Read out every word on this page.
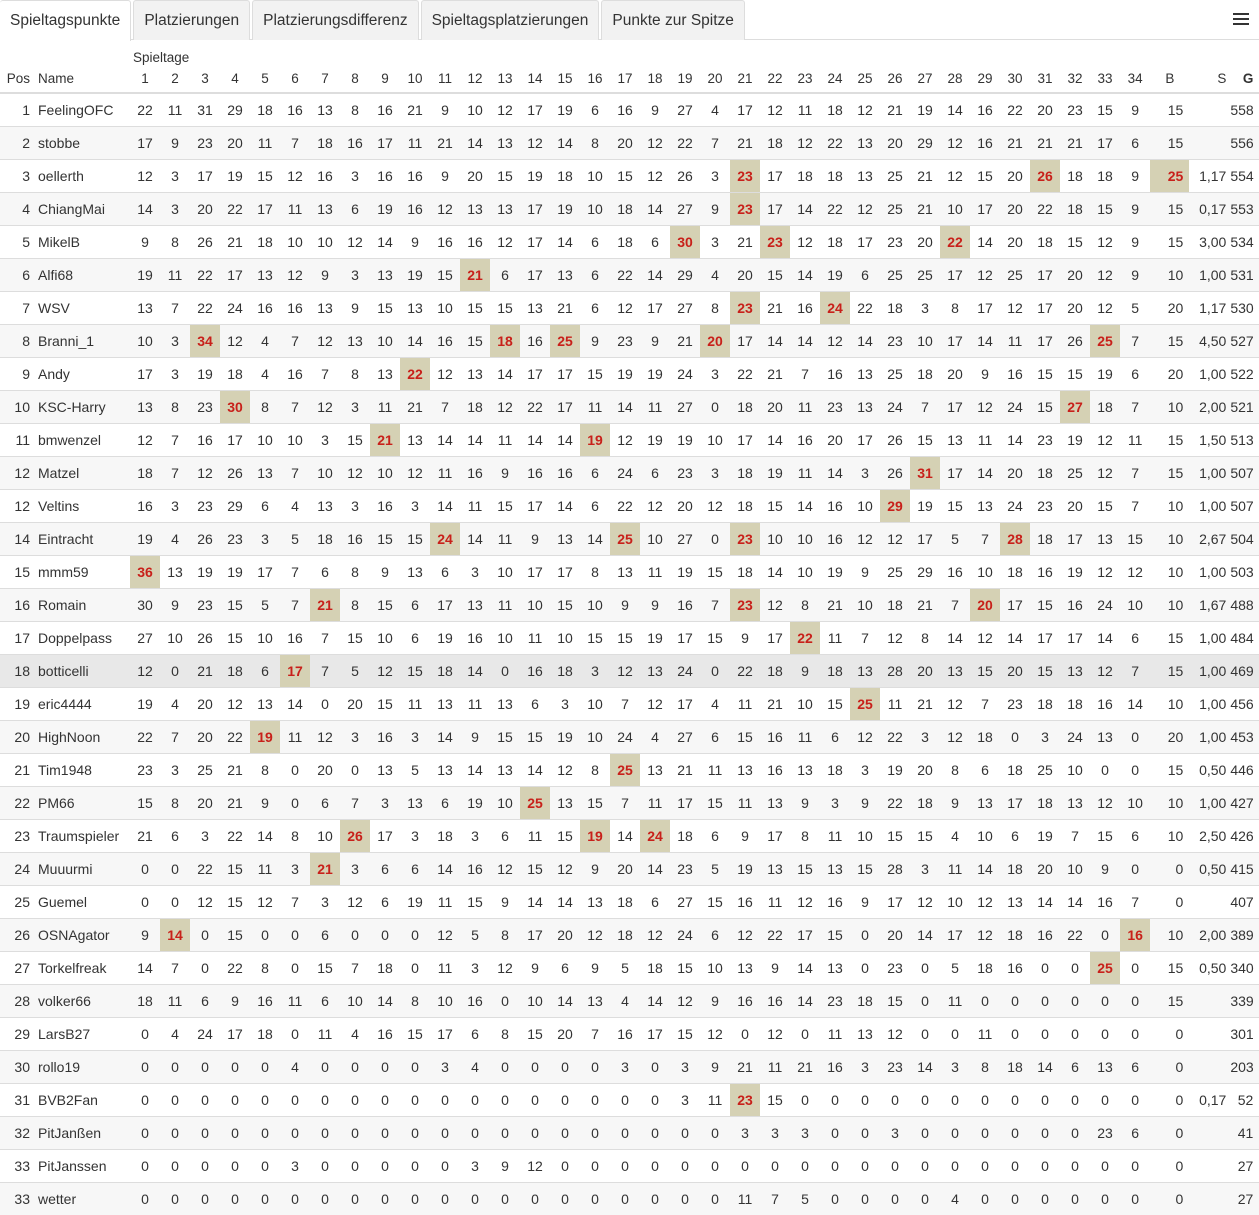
Spieltagspunkte	Platzierungen	Platzierungsdifferenz	Spieltagsplatzierungen	Punkte zur Spitze
		Spieltage																																				
Pos	Name	1	2	3	4	5	6	7	8	9	10	11	12	13	14	15	16	17	18	19	20	21	22	23	24	25	26	27	28	29	30	31	32	33	34	B	S	G
1	FeelingOFC	22	11	31	29	18	16	13	8	16	21	9	10	12	17	19	6	16	9	27	4	17	12	11	18	12	21	19	14	16	22	20	23	15	9	15		558
2	stobbe	17	9	23	20	11	7	18	16	17	11	21	14	13	12	14	8	20	12	22	7	21	18	12	22	13	20	29	12	16	21	21	21	17	6	15		556
3	oellerth	12	3	17	19	15	12	16	3	16	16	9	20	15	19	18	10	15	12	26	3	23	17	18	18	13	25	21	12	15	20	26	18	18	9	25	1,17	554
4	ChiangMai	14	3	20	22	17	11	13	6	19	16	12	13	13	17	19	10	18	14	27	9	23	17	14	22	12	25	21	10	17	20	22	18	15	9	15	0,17	553
5	MikelB	9	8	26	21	18	10	10	12	14	9	16	16	12	17	14	6	18	6	30	3	21	23	12	18	17	23	20	22	14	20	18	15	12	9	15	3,00	534
6	Alfi68	19	11	22	17	13	12	9	3	13	19	15	21	6	17	13	6	22	14	29	4	20	15	14	19	6	25	25	17	12	25	17	20	12	9	10	1,00	531
7	WSV	13	7	22	24	16	16	13	9	15	13	10	15	15	13	21	6	12	17	27	8	23	21	16	24	22	18	3	8	17	12	17	20	12	5	20	1,17	530
8	Branni_1	10	3	34	12	4	7	12	13	10	14	16	15	18	16	25	9	23	9	21	20	17	14	14	12	14	23	10	17	14	11	17	26	25	7	15	4,50	527
9	Andy	17	3	19	18	4	16	7	8	13	22	12	13	14	17	17	15	19	19	24	3	22	21	7	16	13	25	18	20	9	16	15	15	19	6	20	1,00	522
10	KSC-Harry	13	8	23	30	8	7	12	3	11	21	7	18	12	22	17	11	14	11	27	0	18	20	11	23	13	24	7	17	12	24	15	27	18	7	10	2,00	521
11	bmwenzel	12	7	16	17	10	10	3	15	21	13	14	14	11	14	14	19	12	19	19	10	17	14	16	20	17	26	15	13	11	14	23	19	12	11	15	1,50	513
12	Matzel	18	7	12	26	13	7	10	12	10	12	11	16	9	16	16	6	24	6	23	3	18	19	11	14	3	26	31	17	14	20	18	25	12	7	15	1,00	507
12	Veltins	16	3	23	29	6	4	13	3	16	3	14	11	15	17	14	6	22	12	20	12	18	15	14	16	10	29	19	15	13	24	23	20	15	7	10	1,00	507
14	Eintracht	19	4	26	23	3	5	18	16	15	15	24	14	11	9	13	14	25	10	27	0	23	10	10	16	12	12	17	5	7	28	18	17	13	15	10	2,67	504
15	mmm59	36	13	19	19	17	7	6	8	9	13	6	3	10	17	17	8	13	11	19	15	18	14	10	19	9	25	29	16	10	18	16	19	12	12	10	1,00	503
16	Romain	30	9	23	15	5	7	21	8	15	6	17	13	11	10	15	10	9	9	16	7	23	12	8	21	10	18	21	7	20	17	15	16	24	10	10	1,67	488
17	Doppelpass	27	10	26	15	10	16	7	15	10	6	19	16	10	11	10	15	15	19	17	15	9	17	22	11	7	12	8	14	12	14	17	17	14	6	15	1,00	484
18	botticelli	12	0	21	18	6	17	7	5	12	15	18	14	0	16	18	3	12	13	24	0	22	18	9	18	13	28	20	13	15	20	15	13	12	7	15	1,00	469
19	eric4444	19	4	20	12	13	14	0	20	15	11	13	11	13	6	3	10	7	12	17	4	11	21	10	15	25	11	21	12	7	23	18	18	16	14	10	1,00	456
20	HighNoon	22	7	20	22	19	11	12	3	16	3	14	9	15	15	19	10	24	4	27	6	15	16	11	6	12	22	3	12	18	0	3	24	13	0	20	1,00	453
21	Tim1948	23	3	25	21	8	0	20	0	13	5	13	14	13	14	12	8	25	13	21	11	13	16	13	18	3	19	20	8	6	18	25	10	0	0	15	0,50	446
22	PM66	15	8	20	21	9	0	6	7	3	13	6	19	10	25	13	15	7	11	17	15	11	13	9	3	9	22	18	9	13	17	18	13	12	10	10	1,00	427
23	Traumspieler	21	6	3	22	14	8	10	26	17	3	18	3	6	11	15	19	14	24	18	6	9	17	8	11	10	15	15	4	10	6	19	7	15	6	10	2,50	426
24	Muuurmi	0	0	22	15	11	3	21	3	6	6	14	16	12	15	12	9	20	14	23	5	19	13	15	13	15	28	3	11	14	18	20	10	9	0	0	0,50	415
25	Guemel	0	0	12	15	12	7	3	12	6	19	11	15	9	14	14	13	18	6	27	15	16	11	12	16	9	17	12	10	12	13	14	14	16	7	0		407
26	OSNAgator	9	14	0	15	0	0	6	0	0	0	12	5	8	17	20	12	18	12	24	6	12	22	17	15	0	20	14	17	12	18	16	22	0	16	10	2,00	389
27	Torkelfreak	14	7	0	22	8	0	15	7	18	0	11	3	12	9	6	9	5	18	15	10	13	9	14	13	0	23	0	5	18	16	0	0	25	0	15	0,50	340
28	volker66	18	11	6	9	16	11	6	10	14	8	10	16	0	10	14	13	4	14	12	9	16	16	14	23	18	15	0	11	0	0	0	0	0	0	15		339
29	LarsB27	0	4	24	17	18	0	11	4	16	15	17	6	8	15	20	7	16	17	15	12	0	12	0	11	13	12	0	0	11	0	0	0	0	0	0		301
30	rollo19	0	0	0	0	0	4	0	0	0	0	3	4	0	0	0	0	3	0	3	9	21	11	21	16	3	23	14	3	8	18	14	6	13	6	0		203
31	BVB2Fan	0	0	0	0	0	0	0	0	0	0	0	0	0	0	0	0	0	0	3	11	23	15	0	0	0	0	0	0	0	0	0	0	0	0	0	0,17	52
32	PitJanßen	0	0	0	0	0	0	0	0	0	0	0	0	0	0	0	0	0	0	0	0	3	3	3	0	0	3	0	0	0	0	0	0	23	6	0		41
33	PitJanssen	0	0	0	0	0	3	0	0	0	0	0	3	9	12	0	0	0	0	0	0	0	0	0	0	0	0	0	0	0	0	0	0	0	0	0		27
33	wetter	0	0	0	0	0	0	0	0	0	0	0	0	0	0	0	0	0	0	0	0	11	7	5	0	0	0	0	4	0	0	0	0	0	0	0		27
